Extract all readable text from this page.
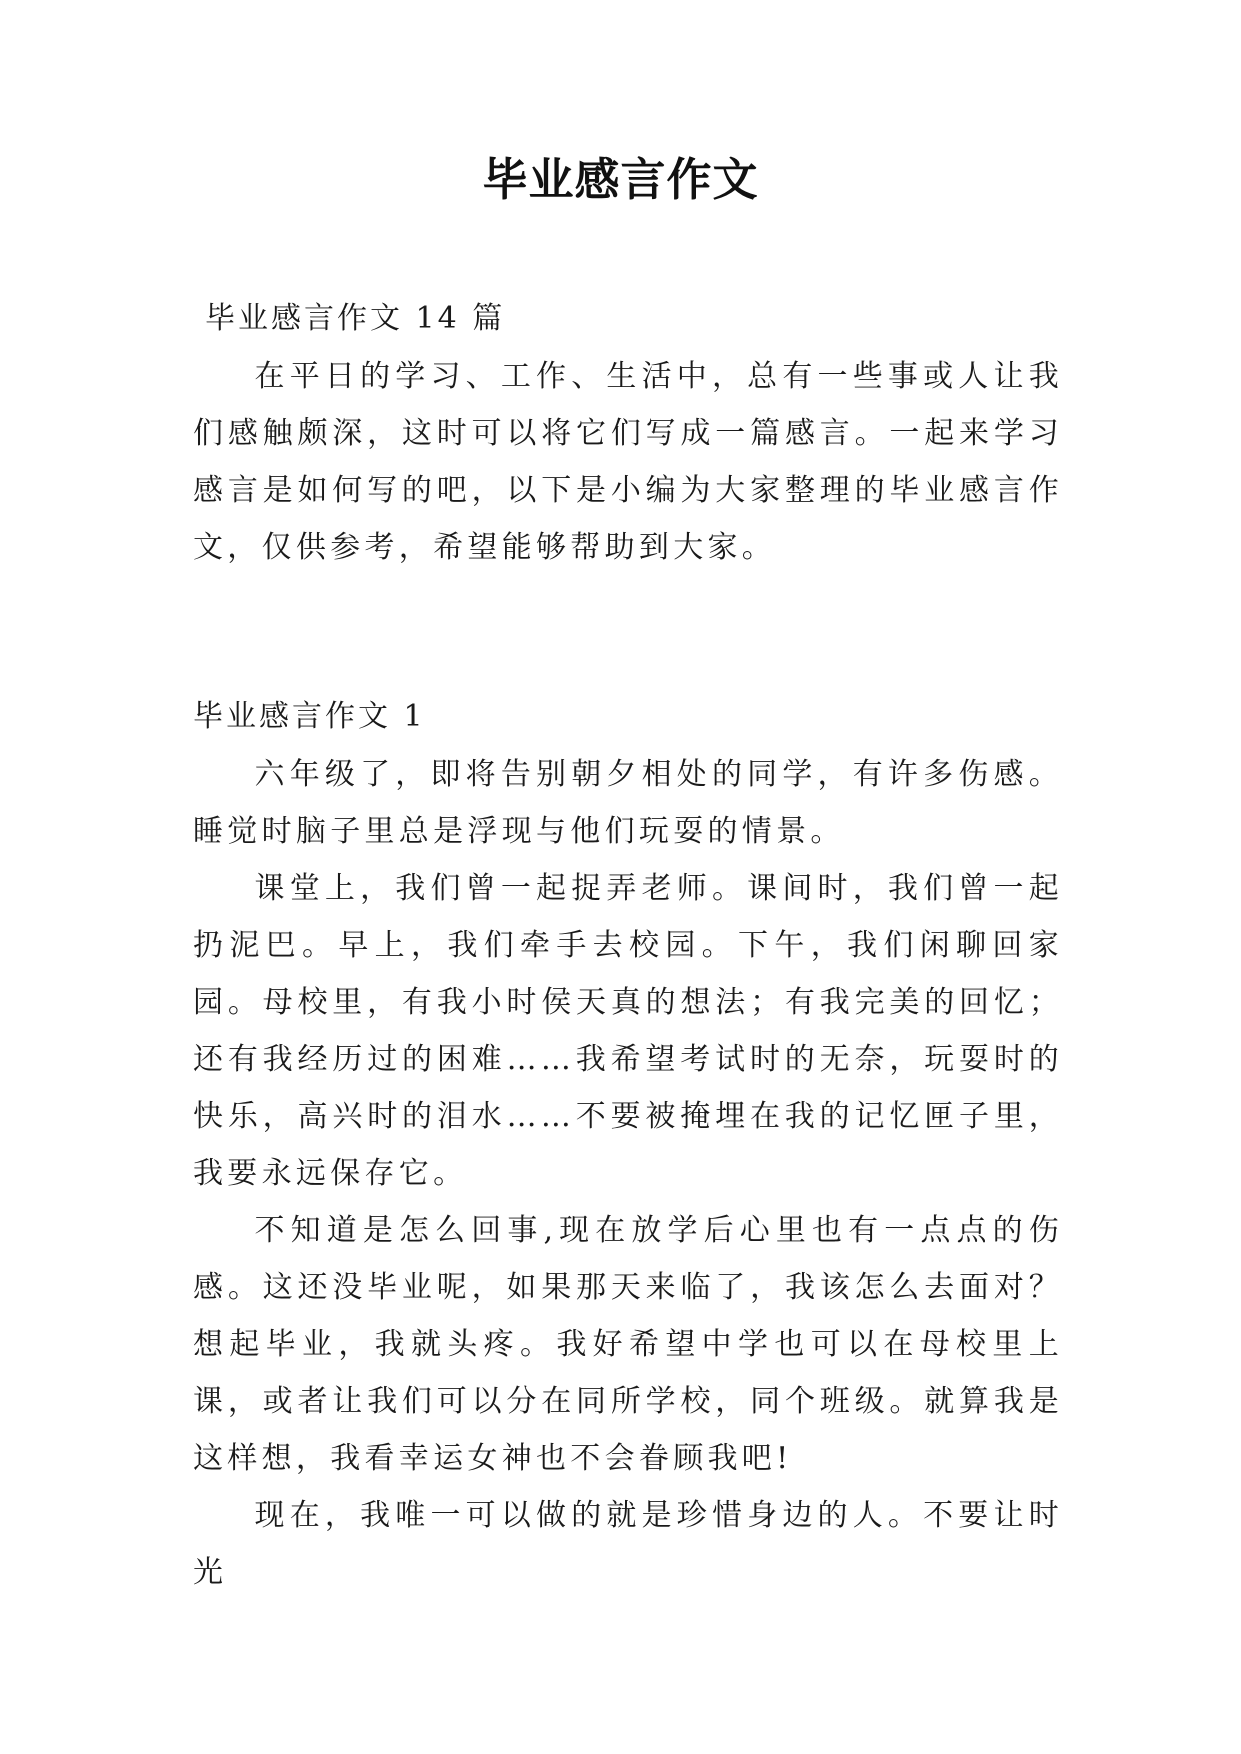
毕业感言作文

毕业感言作文 14 篇

在平日的学习、工作、生活中，总有一些事或人让我们感触颇深，这时可以将它们写成一篇感言。一起来学习感言是如何写的吧，以下是小编为大家整理的毕业感言作文，仅供参考，希望能够帮助到大家。

毕业感言作文 1

六年级了，即将告别朝夕相处的同学，有许多伤感。睡觉时脑子里总是浮现与他们玩耍的情景。

课堂上，我们曾一起捉弄老师。课间时，我们曾一起扔泥巴。早上，我们牵手去校园。下午，我们闲聊回家园。母校里，有我小时侯天真的想法；有我完美的回忆；还有我经历过的困难……我希望考试时的无奈，玩耍时的快乐，高兴时的泪水……不要被掩埋在我的记忆匣子里，我要永远保存它。

不知道是怎么回事,现在放学后心里也有一点点的伤感。这还没毕业呢，如果那天来临了，我该怎么去面对？想起毕业，我就头疼。我好希望中学也可以在母校里上课，或者让我们可以分在同所学校，同个班级。就算我是这样想，我看幸运女神也不会眷顾我吧!

现在，我唯一可以做的就是珍惜身边的人。不要让时光
